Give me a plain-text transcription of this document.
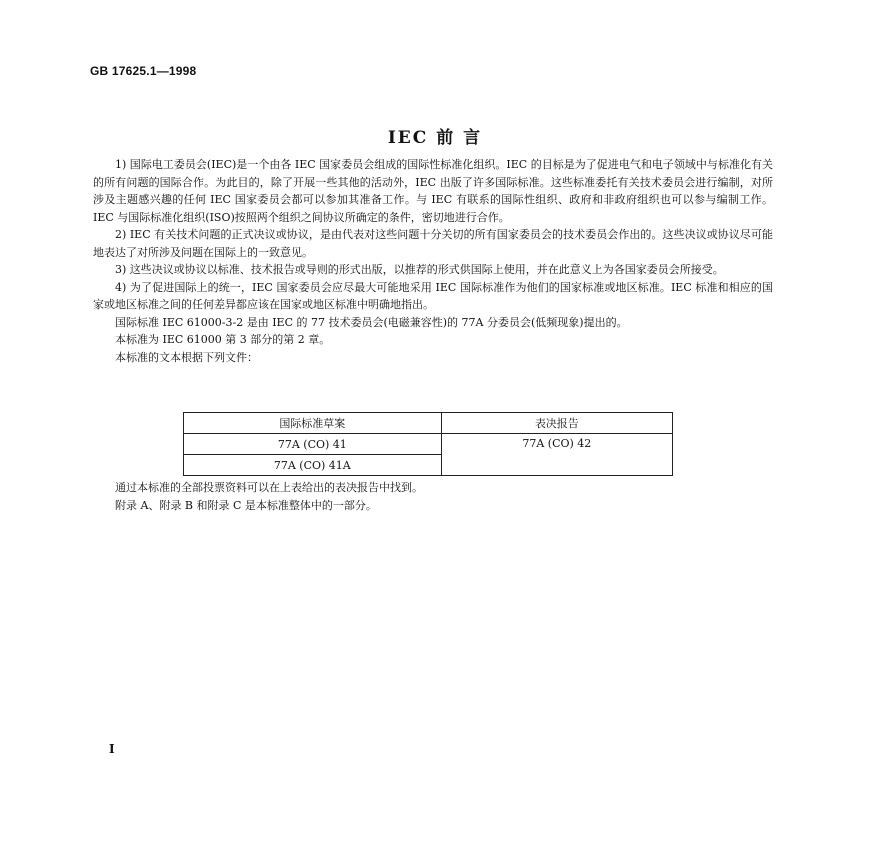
GB 17625.1—1998
IEC 前 言

1) 国际电工委员会(IEC)是一个由各 IEC 国家委员会组成的国际性标准化组织。IEC 的目标是为了促进电气和电子领域中与标准化有关的所有问题的国际合作。为此目的，除了开展一些其他的活动外，IEC 出版了许多国际标准。这些标准委托有关技术委员会进行编制，对所涉及主题感兴趣的任何 IEC 国家委员会都可以参加其准备工作。与 IEC 有联系的国际性组织、政府和非政府组织也可以参与编制工作。IEC 与国际标准化组织(ISO)按照两个组织之间协议所确定的条件，密切地进行合作。

2) IEC 有关技术问题的正式决议或协议，是由代表对这些问题十分关切的所有国家委员会的技术委员会作出的。这些决议或协议尽可能地表达了对所涉及问题在国际上的一致意见。

3) 这些决议或协议以标准、技术报告或导则的形式出版，以推荐的形式供国际上使用，并在此意义上为各国家委员会所接受。

4) 为了促进国际上的统一，IEC 国家委员会应尽最大可能地采用 IEC 国际标准作为他们的国家标准或地区标准。IEC 标准和相应的国家或地区标准之间的任何差异都应该在国家或地区标准中明确地指出。

国际标准 IEC 61000-3-2 是由 IEC 的 77 技术委员会(电磁兼容性)的 77A 分委员会(低频现象)提出的。

本标准为 IEC 61000 第 3 部分的第 2 章。

本标准的文本根据下列文件：

国际标准草案	表决报告
77A (CO) 41	77A (CO) 42
77A (CO) 41A	

通过本标准的全部投票资料可以在上表给出的表决报告中找到。

附录 A、附录 B 和附录 C 是本标准整体中的一部分。

I
